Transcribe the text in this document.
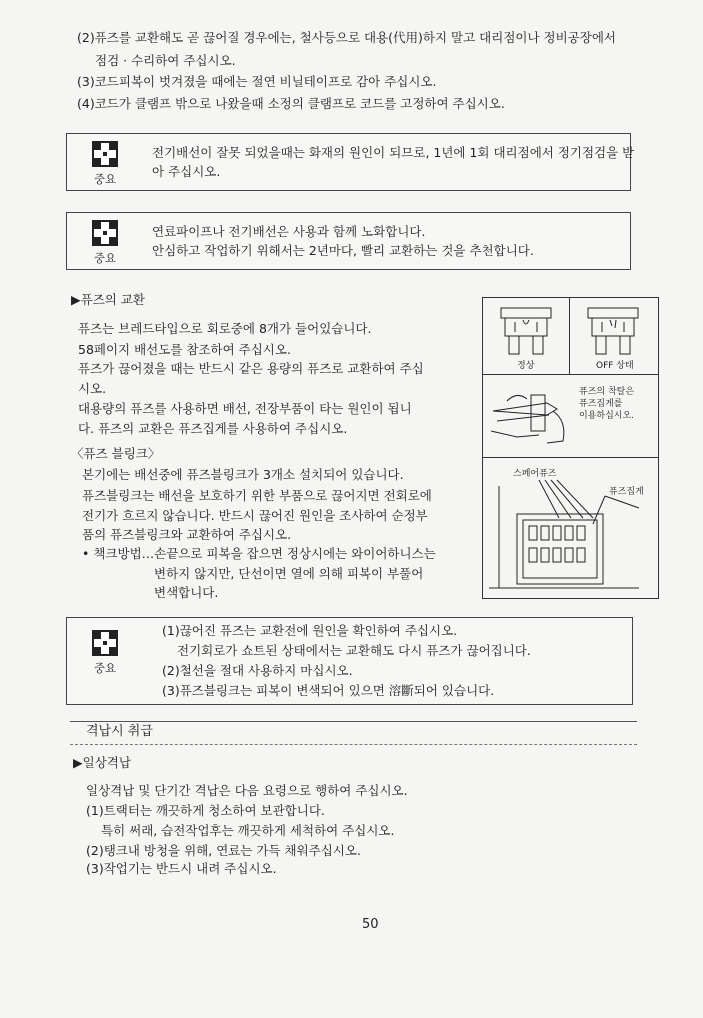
(2)퓨즈를 교환해도 곧 끊어질 경우에는, 철사등으로 대용(代用)하지 말고 대리점이나 정비공장에서
점검 · 수리하여 주십시오.
(3)코드피복이 벗겨졌을 때에는 절연 비닐테이프로 감아 주십시오.
(4)코드가 클램프 밖으로 나왔을때 소정의 클램프로 코드를 고정하여 주십시오.
중요
전기배선이 잘못 되었을때는 화재의 원인이 되므로, 1년에 1회 대리점에서 정기점검을 받
아 주십시오.
중요
연료파이프나 전기배선은 사용과 함께 노화합니다.
안심하고 작업하기 위해서는 2년마다, 빨리 교환하는 것을 추천합니다.
▶퓨즈의 교환
퓨즈는 브레드타입으로 회로중에 8개가 들어있습니다.
58페이지 배선도를 참조하여 주십시오.
퓨즈가 끊어졌을 때는 반드시 같은 용량의 퓨즈로 교환하여 주십
시오.
대용량의 퓨즈를 사용하면 배선, 전장부품이 타는 원인이 됩니
다. 퓨즈의 교환은 퓨즈집게를 사용하여 주십시오.
〈퓨즈 블링크〉
본기에는 배선중에 퓨즈블링크가 3개소 설치되어 있습니다.
퓨즈블링크는 배선을 보호하기 위한 부품으로 끊어지면 전회로에
전기가 흐르지 않습니다. 반드시 끊어진 원인을 조사하여 순정부
품의 퓨즈블링크와 교환하여 주십시오.
• 책크방법…손끝으로 피복을 잡으면 정상시에는 와이어하니스는
변하지 않지만, 단선이면 열에 의해 피복이 부풀어
변색합니다.
정상	OFF 상태
퓨즈의 착탈은
퓨즈집게를
이용하십시오.
스페어퓨즈
퓨즈집게
중요
(1)끊어진 퓨즈는 교환전에 원인을 확인하여 주십시오.
전기회로가 쇼트된 상태에서는 교환해도 다시 퓨즈가 끊어집니다.
(2)철선을 절대 사용하지 마십시오.
(3)퓨즈블링크는 피복이 변색되어 있으면 溶斷되어 있습니다.
격납시 취급
▶일상격납
일상격납 및 단기간 격납은 다음 요령으로 행하여 주십시오.
(1)트랙터는 깨끗하게 청소하여 보관합니다.
특히 써래, 습전작업후는 깨끗하게 세척하여 주십시오.
(2)탱크내 방청을 위해, 연료는 가득 채워주십시오.
(3)작업기는 반드시 내려 주십시오.
50
